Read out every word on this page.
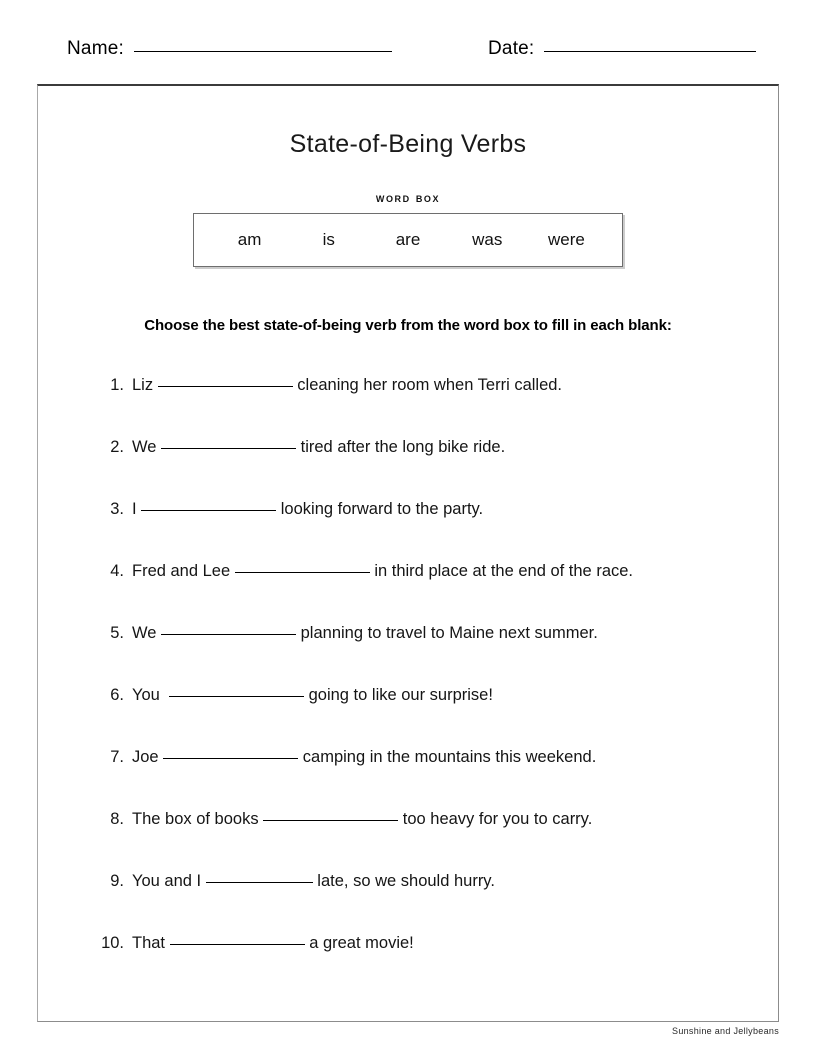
Name:	Date:
State-of-Being Verbs
word box
am	is	are	was	were
Choose the best state-of-being verb from the word box to fill in each blank:
1. Liz	cleaning her room when Terri called.
2. We	tired after the long bike ride.
3. I	looking forward to the party.
4. Fred and Lee	in third place at the end of the race.
5. We	planning to travel to Maine next summer.
6. You	going to like our surprise!
7. Joe	camping in the mountains this weekend.
8. The box of books	too heavy for you to carry.
9. You and I	late, so we should hurry.
10. That	a great movie!
Sunshine and Jellybeans
